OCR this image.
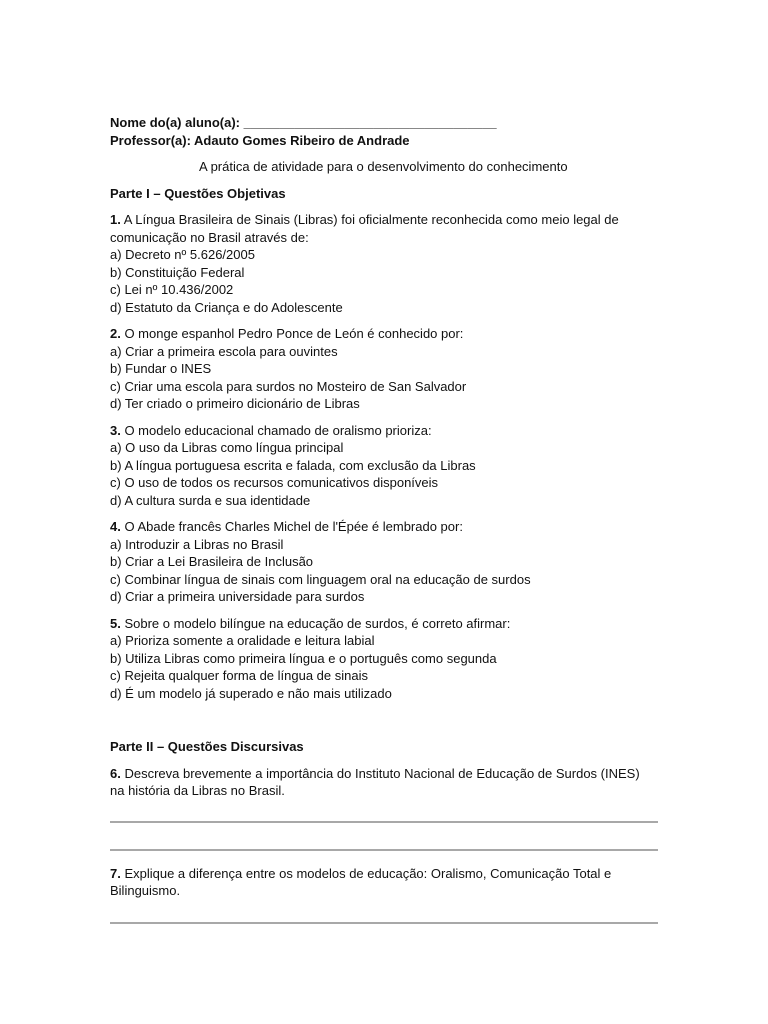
Nome do(a) aluno(a): ___________________________________
Professor(a): Adauto Gomes Ribeiro de Andrade
A prática de atividade para o desenvolvimento do conhecimento
Parte I – Questões Objetivas
1. A Língua Brasileira de Sinais (Libras) foi oficialmente reconhecida como meio legal de comunicação no Brasil através de:
a) Decreto nº 5.626/2005
b) Constituição Federal
c) Lei nº 10.436/2002
d) Estatuto da Criança e do Adolescente
2. O monge espanhol Pedro Ponce de León é conhecido por:
a) Criar a primeira escola para ouvintes
b) Fundar o INES
c) Criar uma escola para surdos no Mosteiro de San Salvador
d) Ter criado o primeiro dicionário de Libras
3. O modelo educacional chamado de oralismo prioriza:
a) O uso da Libras como língua principal
b) A língua portuguesa escrita e falada, com exclusão da Libras
c) O uso de todos os recursos comunicativos disponíveis
d) A cultura surda e sua identidade
4. O Abade francês Charles Michel de l'Épée é lembrado por:
a) Introduzir a Libras no Brasil
b) Criar a Lei Brasileira de Inclusão
c) Combinar língua de sinais com linguagem oral na educação de surdos
d) Criar a primeira universidade para surdos
5. Sobre o modelo bilíngue na educação de surdos, é correto afirmar:
a) Prioriza somente a oralidade e leitura labial
b) Utiliza Libras como primeira língua e o português como segunda
c) Rejeita qualquer forma de língua de sinais
d) É um modelo já superado e não mais utilizado
Parte II – Questões Discursivas
6. Descreva brevemente a importância do Instituto Nacional de Educação de Surdos (INES) na história da Libras no Brasil.
7. Explique a diferença entre os modelos de educação: Oralismo, Comunicação Total e Bilinguismo.
